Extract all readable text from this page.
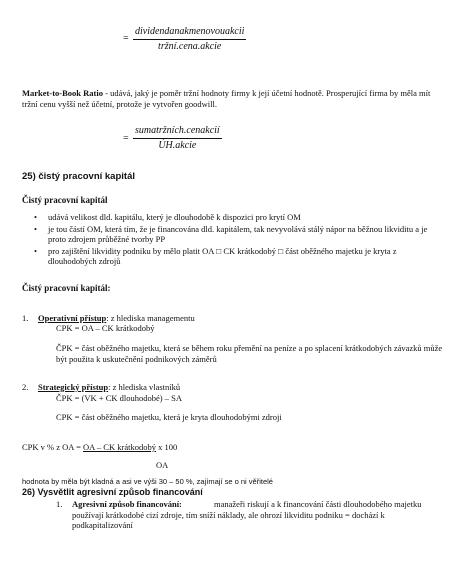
=
dividendanakmenovouakcii
tržní.cena.akcie
Market-to-Book Ratio - udává, jaký je poměr tržní hodnoty firmy k její účetní hodnotě. Prosperující firma by měla mít tržní cenu vyšší než účetní, protože je vytvořen goodwill.
=
sumatržních.cenakcií
ÚH.akcie
25) čistý pracovní kapitál
Čistý pracovní kapitál
• udává velikost dld. kapitálu, který je dlouhodobě k dispozici pro krytí OM
• je tou částí OM, která tím, že je financována dld. kapitálem, tak nevyvolává stálý nápor na běžnou likviditu a je proto zdrojem průběžné tvorby PP
• pro zajištění likvidity podniku by mělo platit OA □ CK krátkodobý □ část oběžného majetku je kryta z dlouhodobých zdrojů
Čistý pracovní kapitál:
1. Operativní přístup: z hlediska managementu
CPK = OA – CK krátkodobý
ČPK = část oběžného majetku, která se během roku přemění na peníze a po splacení krátkodobých závazků může být použita k uskutečnění podnikových záměrů
2. Strategický přístup: z hlediska vlastníků
ČPK = (VK + CK dlouhodobé) – SA
CPK = část oběžného majetku, která je kryta dlouhodobými zdroji
CPK v % z OA = OA – CK krátkodobý x 100
OA
hodnota by měla být kladná a asi ve výši 30 – 50 %, zajímají se o ni věřitelé
26) Vysvětlit agresivní způsob financování
1. Agresivní způsob financování:	manažeři riskují a k financování části dlouhodobého majetku používají krátkodobé cizí zdroje, tím sníží náklady, ale ohrozí likviditu podniku = dochází k podkapitalizování
